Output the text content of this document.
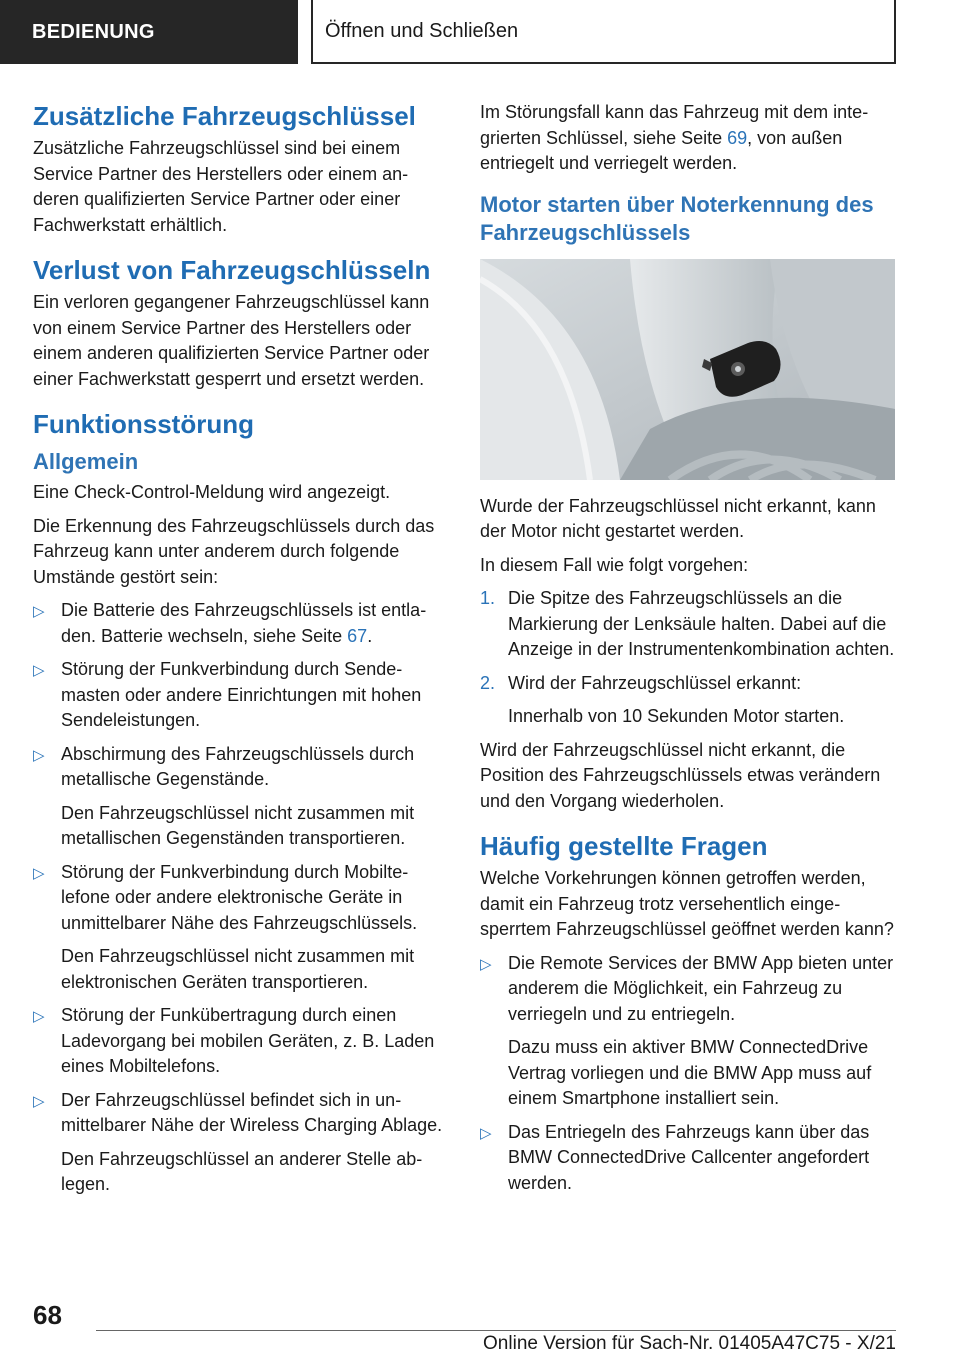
BEDIENUNG	Öffnen und Schließen
Zusätzliche Fahrzeugschlüssel

Zusätzliche Fahrzeugschlüssel sind bei einem Service Partner des Herstellers oder einem anderen qualifizierten Service Partner oder einer Fachwerkstatt erhältlich.

Verlust von Fahrzeugschlüsseln

Ein verloren gegangener Fahrzeugschlüssel kann von einem Service Partner des Herstellers oder einem anderen qualifizierten Service Partner oder einer Fachwerkstatt gesperrt und ersetzt werden.

Funktionsstörung
Allgemein

Eine Check-Control-Meldung wird angezeigt.

Die Erkennung des Fahrzeugschlüssels durch das Fahrzeug kann unter anderem durch folgende Umstände gestört sein:

▷ Die Batterie des Fahrzeugschlüssels ist entladen. Batterie wechseln, siehe Seite 67.
▷ Störung der Funkverbindung durch Sendemasten oder andere Einrichtungen mit hohen Sendeleistungen.
▷ Abschirmung des Fahrzeugschlüssels durch metallische Gegenstände.

Den Fahrzeugschlüssel nicht zusammen mit metallischen Gegenständen transportieren.

▷ Störung der Funkverbindung durch Mobiltelefone oder andere elektronische Geräte in unmittelbarer Nähe des Fahrzeugschlüssels.

Den Fahrzeugschlüssel nicht zusammen mit elektronischen Geräten transportieren.

▷ Störung der Funkübertragung durch einen Ladevorgang bei mobilen Geräten, z. B. Laden eines Mobiltelefons.
▷ Der Fahrzeugschlüssel befindet sich in unmittelbarer Nähe der Wireless Charging Ablage.

Den Fahrzeugschlüssel an anderer Stelle ablegen.

Im Störungsfall kann das Fahrzeug mit dem integrierten Schlüssel, siehe Seite 69, von außen entriegelt und verriegelt werden.

Motor starten über Noterkennung des Fahrzeugschlüssels

Wurde der Fahrzeugschlüssel nicht erkannt, kann der Motor nicht gestartet werden.

In diesem Fall wie folgt vorgehen:

1. Die Spitze des Fahrzeugschlüssels an die Markierung der Lenksäule halten. Dabei auf die Anzeige in der Instrumentenkombination achten.
2. Wird der Fahrzeugschlüssel erkannt:

Innerhalb von 10 Sekunden Motor starten.

Wird der Fahrzeugschlüssel nicht erkannt, die Position des Fahrzeugschlüssels etwas verändern und den Vorgang wiederholen.

Häufig gestellte Fragen

Welche Vorkehrungen können getroffen werden, damit ein Fahrzeug trotz versehentlich eingesperrtem Fahrzeugschlüssel geöffnet werden kann?

▷ Die Remote Services der BMW App bieten unter anderem die Möglichkeit, ein Fahrzeug zu verriegeln und zu entriegeln.

Dazu muss ein aktiver BMW ConnectedDrive Vertrag vorliegen und die BMW App muss auf einem Smartphone installiert sein.

▷ Das Entriegeln des Fahrzeugs kann über das BMW ConnectedDrive Callcenter angefordert werden.
68
Online Version für Sach-Nr. 01405A47C75 - X/21
